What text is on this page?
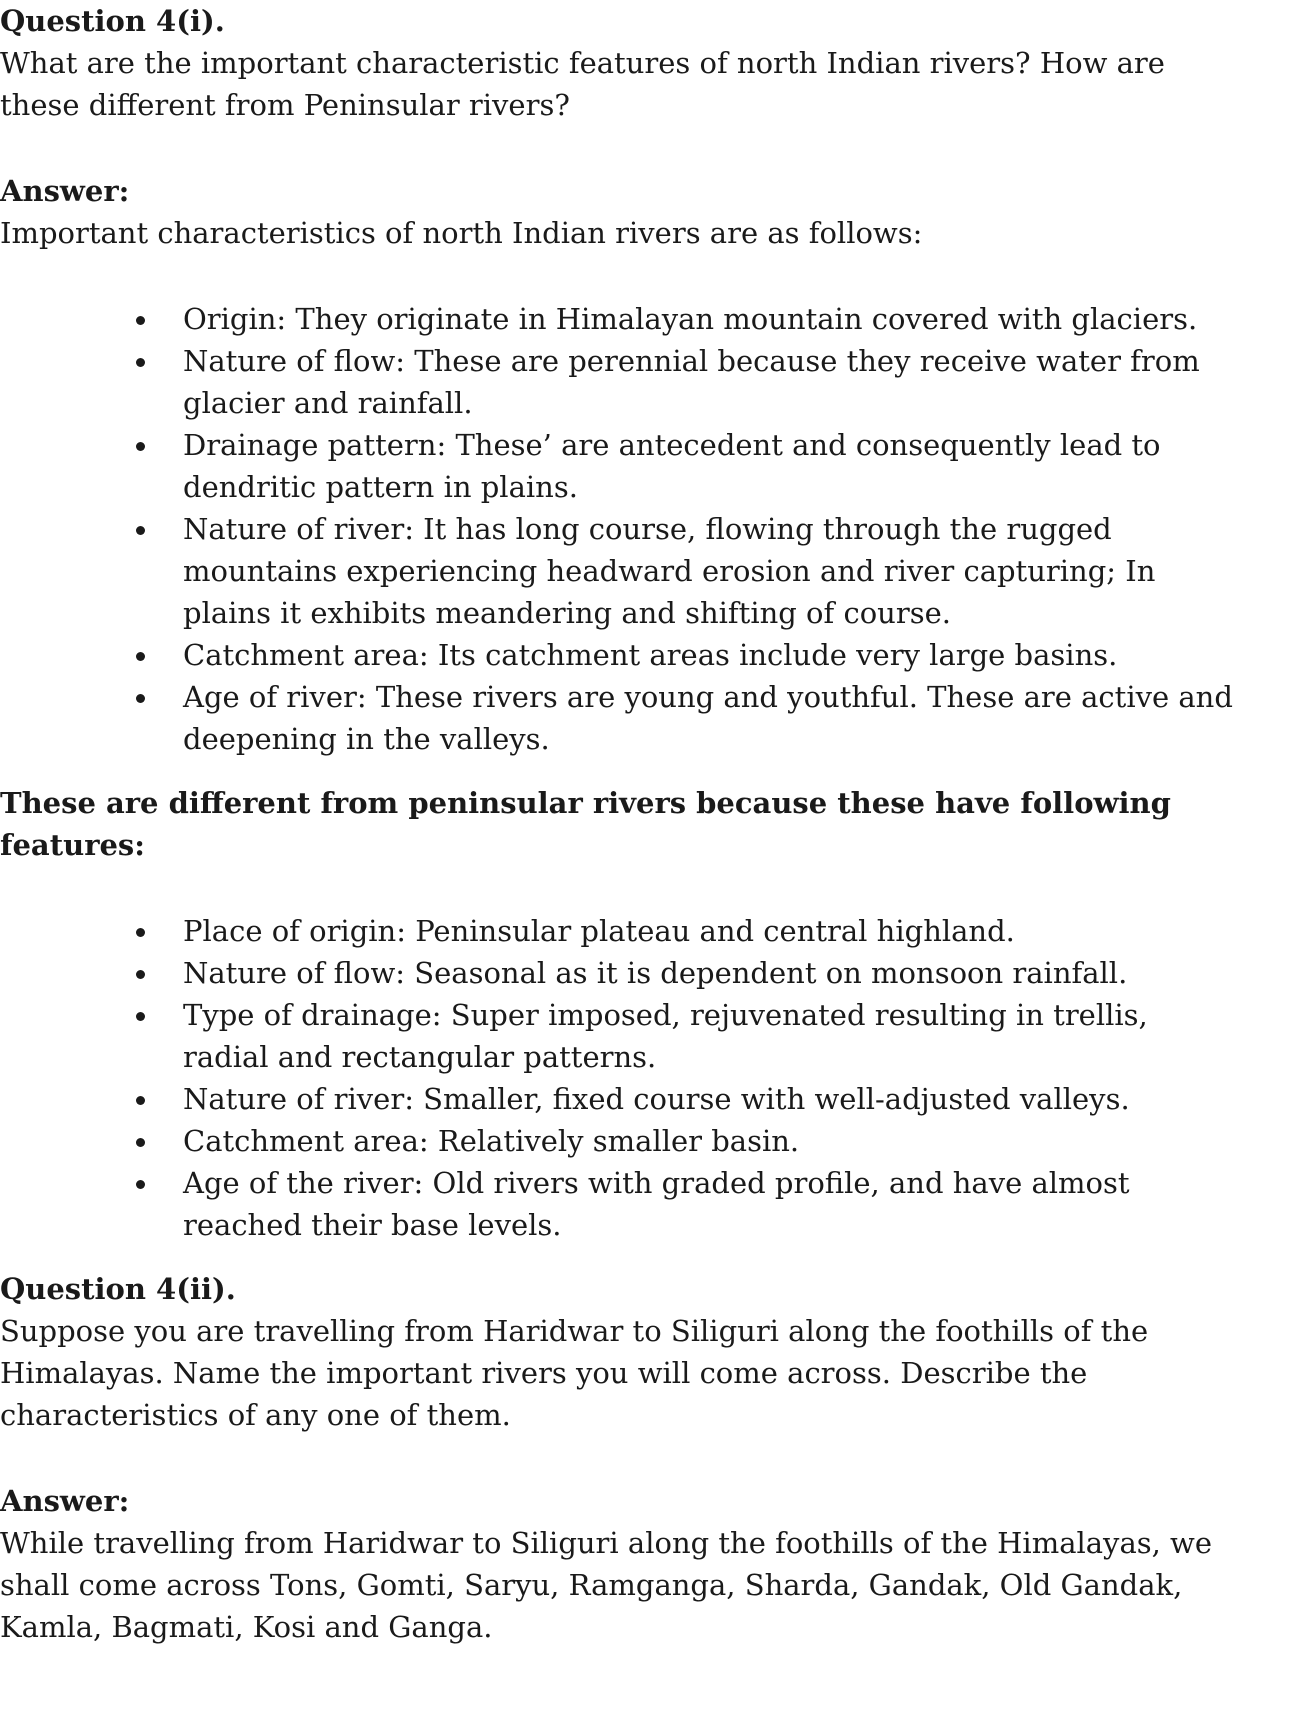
Question 4(i).

What are the important characteristic features of north Indian rivers? How are these different from Peninsular rivers?

Answer:

Important characteristics of north Indian rivers are as follows:

Origin: They originate in Himalayan mountain covered with glaciers.
Nature of flow: These are perennial because they receive water from glacier and rainfall.
Drainage pattern: These’ are antecedent and consequently lead to dendritic pattern in plains.
Nature of river: It has long course, flowing through the rugged mountains experiencing headward erosion and river capturing; In plains it exhibits meandering and shifting of course.
Catchment area: Its catchment areas include very large basins.
Age of river: These rivers are young and youthful. These are active and deepening in the valleys.

These are different from peninsular rivers because these have following features:

Place of origin: Peninsular plateau and central highland.
Nature of flow: Seasonal as it is dependent on monsoon rainfall.
Type of drainage: Super imposed, rejuvenated resulting in trellis, radial and rectangular patterns.
Nature of river: Smaller, fixed course with well-adjusted valleys.
Catchment area: Relatively smaller basin.
Age of the river: Old rivers with graded profile, and have almost reached their base levels.

Question 4(ii).

Suppose you are travelling from Haridwar to Siliguri along the foothills of the Himalayas. Name the important rivers you will come across. Describe the characteristics of any one of them.

Answer:

While travelling from Haridwar to Siliguri along the foothills of the Himalayas, we shall come across Tons, Gomti, Saryu, Ramganga, Sharda, Gandak, Old Gandak, Kamla, Bagmati, Kosi and Ganga.
